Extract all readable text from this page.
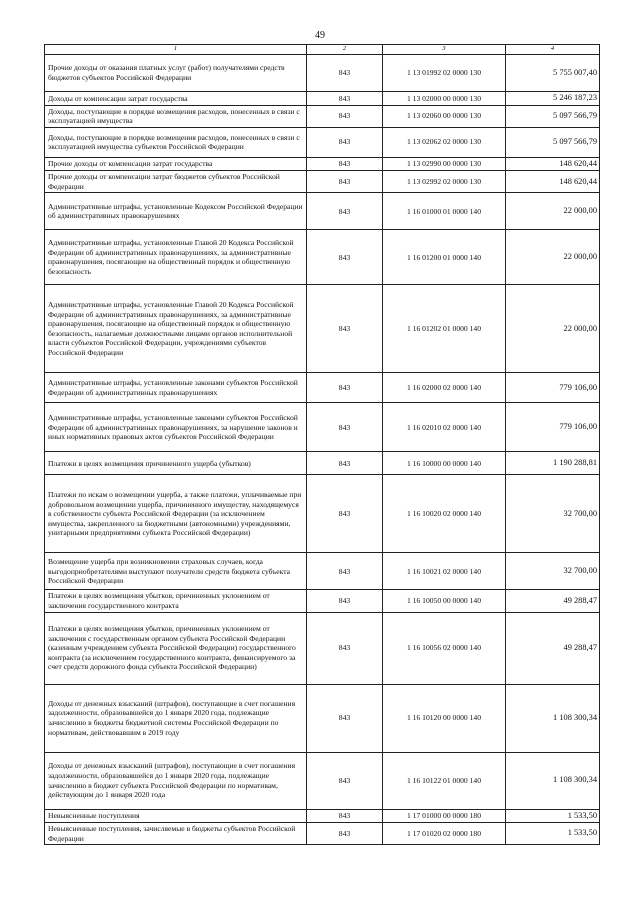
49
1	2	3	4
Прочие доходы от оказания платных услуг (работ) получателями средств бюджетов субъектов Российской Федерации	843	1 13 01992 02 0000 130	5 755 007,40
Доходы от компенсации затрат государства	843	1 13 02000 00 0000 130	5 246 187,23
Доходы, поступающие в порядке возмещения расходов, понесенных в связи с эксплуатацией имущества	843	1 13 02060 00 0000 130	5 097 566,79
Доходы, поступающие в порядке возмещения расходов, понесенных в связи с эксплуатацией имущества субъектов Российской Федерации	843	1 13 02062 02 0000 130	5 097 566,79
Прочие доходы от компенсации затрат государства	843	1 13 02990 00 0000 130	148 620,44
Прочие доходы от компенсации затрат бюджетов субъектов Российской Федерации	843	1 13 02992 02 0000 130	148 620,44
Административные штрафы, установленные Кодексом Российской Федерации об административных правонарушениях	843	1 16 01000 01 0000 140	22 000,00
Административные штрафы, установленные Главой 20 Кодекса Российской Федерации об административных правонарушениях, за административные правонарушения, посягающие на общественный порядок и общественную безопасность	843	1 16 01200 01 0000 140	22 000,00
Административные штрафы, установленные Главой 20 Кодекса Российской Федерации об административных правонарушениях, за административные правонарушения, посягающие на общественный порядок и общественную безопасность, налагаемые должностными лицами органов исполнительной власти субъектов Российской Федерации, учреждениями субъектов Российской Федерации	843	1 16 01202 01 0000 140	22 000,00
Административные штрафы, установленные законами субъектов Российской Федерации об административных правонарушениях	843	1 16 02000 02 0000 140	779 106,00
Административные штрафы, установленные законами субъектов Российской Федерации об административных правонарушениях, за нарушение законов и иных нормативных правовых актов субъектов Российской Федерации	843	1 16 02010 02 0000 140	779 106,00
Платежи в целях возмещения причиненного ущерба (убытков)	843	1 16 10000 00 0000 140	1 190 288,81
Платежи по искам о возмещении ущерба, а также платежи, уплачиваемые при добровольном возмещении ущерба, причиненного имуществу, находящемуся в собственности субъекта Российской Федерации (за исключением имущества, закрепленного за бюджетными (автономными) учреждениями, унитарными предприятиями субъекта Российской Федерации)	843	1 16 10020 02 0000 140	32 700,00
Возмещение ущерба при возникновении страховых случаев, когда выгодоприобретателями выступают получатели средств бюджета субъекта Российской Федерации	843	1 16 10021 02 0000 140	32 700,00
Платежи в целях возмещения убытков, причиненных уклонением от заключения государственного контракта	843	1 16 10050 00 0000 140	49 288,47
Платежи в целях возмещения убытков, причиненных уклонением от заключения с государственным органом субъекта Российской Федерации (казенным учреждением субъекта Российской Федерации) государственного контракта (за исключением государственного контракта, финансируемого за счет средств дорожного фонда субъекта Российской Федерации)	843	1 16 10056 02 0000 140	49 288,47
Доходы от денежных взысканий (штрафов), поступающие в счет погашения задолженности, образовавшейся до 1 января 2020 года, подлежащие зачислению в бюджеты бюджетной системы Российской Федерации по нормативам, действовавшим в 2019 году	843	1 16 10120 00 0000 140	1 108 300,34
Доходы от денежных взысканий (штрафов), поступающие в счет погашения задолженности, образовавшейся до 1 января 2020 года, подлежащие зачислению в бюджет субъекта Российской Федерации по нормативам, действующим до 1 января 2020 года	843	1 16 10122 01 0000 140	1 108 300,34
Невыясненные поступления	843	1 17 01000 00 0000 180	1 533,50
Невыясненные поступления, зачисляемые в бюджеты субъектов Российской Федерации	843	1 17 01020 02 0000 180	1 533,50
